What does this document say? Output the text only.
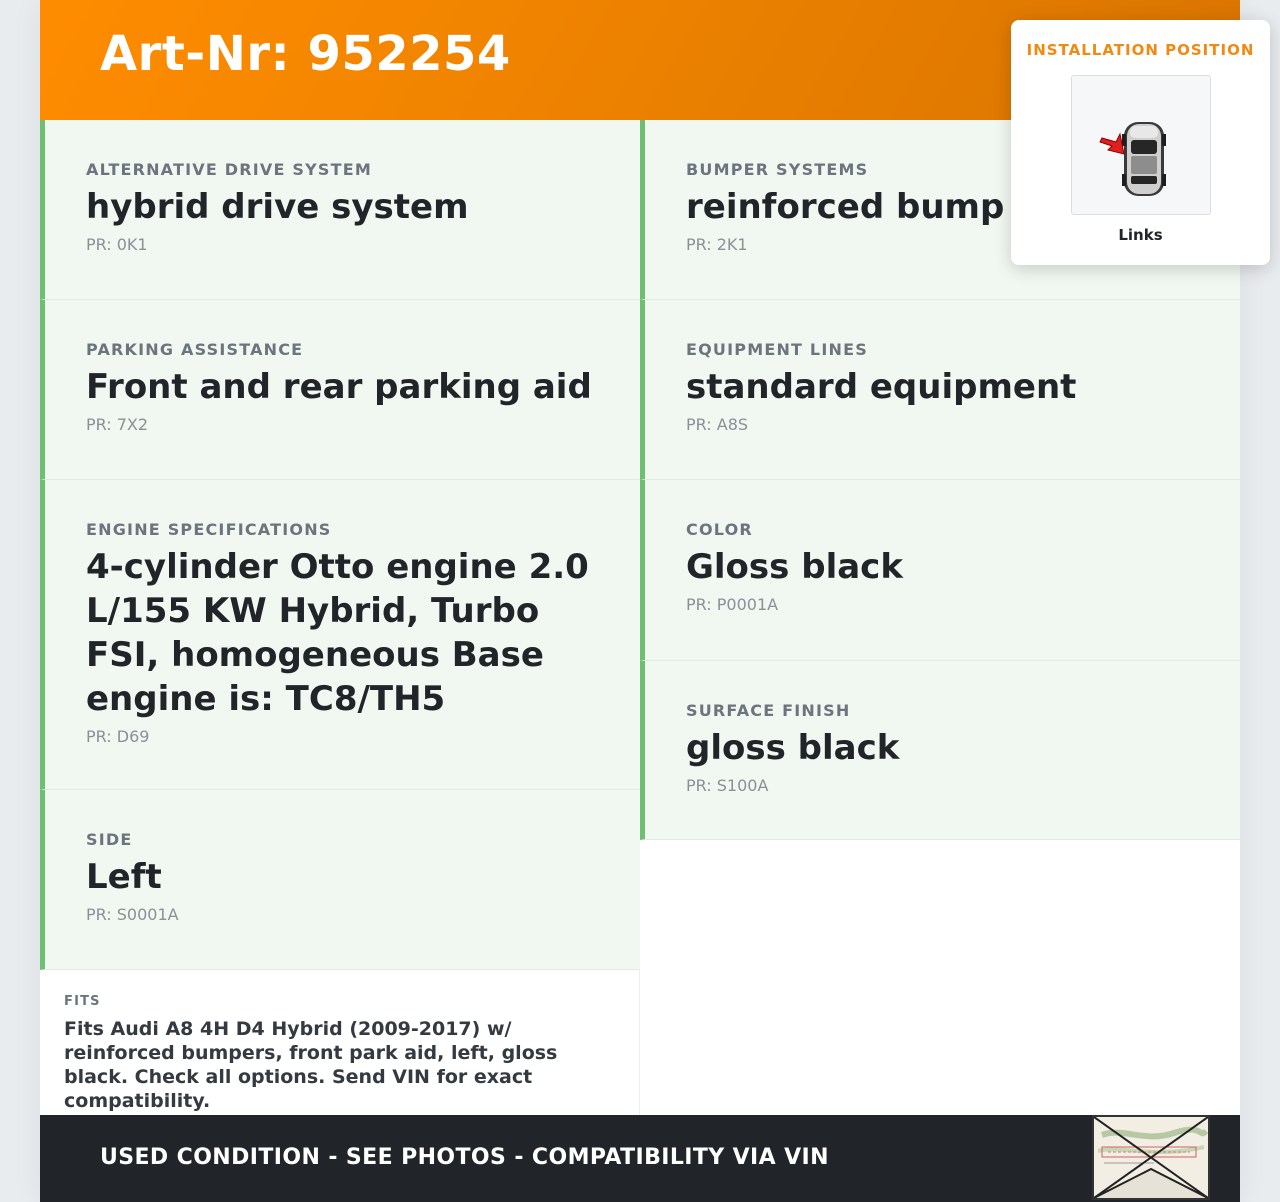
Art-Nr: 952254
ALTERNATIVE DRIVE SYSTEM
hybrid drive system
PR: 0K1
PARKING ASSISTANCE
Front and rear parking aid
PR: 7X2
ENGINE SPECIFICATIONS
4-cylinder Otto engine 2.0 L/155 KW Hybrid, Turbo FSI, homogeneous Base engine is: TC8/TH5
PR: D69
SIDE
Left
PR: S0001A
BUMPER SYSTEMS
reinforced bump
PR: 2K1
EQUIPMENT LINES
standard equipment
PR: A8S
COLOR
Gloss black
PR: P0001A
SURFACE FINISH
gloss black
PR: S100A
FITS
Fits Audi A8 4H D4 Hybrid (2009-2017) w/ reinforced bumpers, front park aid, left, gloss black. Check all options. Send VIN for exact compatibility.
USED CONDITION - SEE PHOTOS - COMPATIBILITY VIA VIN
INSTALLATION POSITION
Links
